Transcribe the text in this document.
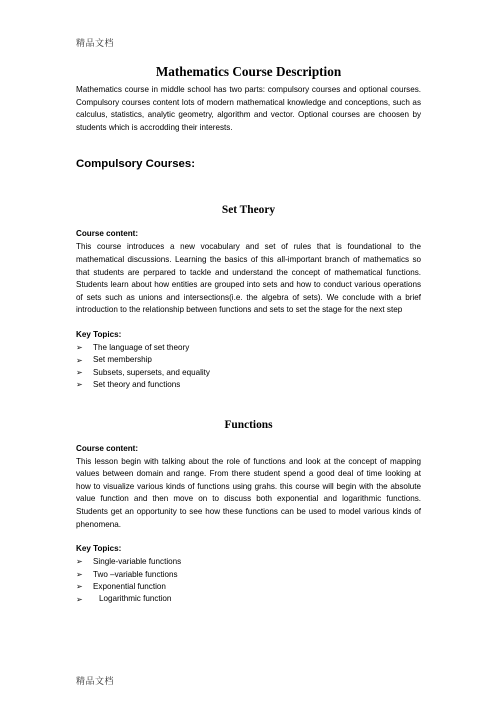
精品文档
Mathematics Course Description

Mathematics course in middle school has two parts: compulsory courses and optional courses. Compulsory courses content lots of modern mathematical knowledge and conceptions, such as calculus, statistics, analytic geometry, algorithm and vector. Optional courses are choosen by students which is accrodding their interests.

Compulsory Courses:
Set Theory
Course content:

This course introduces a new vocabulary and set of rules that is foundational to the mathematical discussions. Learning the basics of this all-important branch of mathematics so that students are perpared to tackle and understand the concept of mathematical functions. Students learn about how entities are grouped into sets and how to conduct various operations of sets such as unions and intersections(i.e. the algebra of sets). We conclude with a brief introduction to the relationship between functions and sets to set the stage for the next step

Key Topics:
➢	The language of set theory
➢	Set membership
➢	Subsets, supersets, and equality
➢	Set theory and functions
Functions
Course content:

This lesson begin with talking about the role of functions and look at the concept of mapping values between domain and range. From there student spend a good deal of time looking at how to visualize various kinds of functions using grahs. this course will begin with the absolute value function and then move on to discuss both exponential and logarithmic functions. Students get an opportunity to see how these functions can be used to model various kinds of phenomena.

Key Topics:
➢	Single-variable functions
➢	Two –variable functions
➢	Exponential function
➢	Logarithmic function
精品文档
